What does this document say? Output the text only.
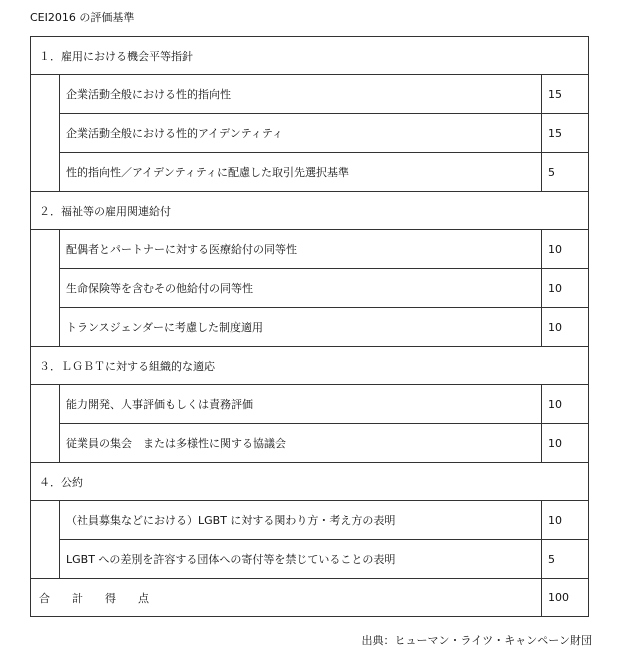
CEI2016 の評価基準
１．雇用における機会平等指針
企業活動全般における性的指向性	15
企業活動全般における性的アイデンティティ	15
性的指向性／アイデンティティに配慮した取引先選択基準	5
２．福祉等の雇用関連給付
配偶者とパートナーに対する医療給付の同等性	10
生命保険等を含むその他給付の同等性	10
トランスジェンダーに考慮した制度適用	10
３．ＬＧＢＴに対する組織的な適応
能力開発、人事評価もしくは責務評価	10
従業員の集会　または多様性に関する協議会	10
４．公約
（社員募集などにおける）LGBT に対する関わり方・考え方の表明	10
LGBT への差別を許容する団体への寄付等を禁じていることの表明	5
合　　計　　得　　点	100
出典：ヒューマン・ライツ・キャンペーン財団
